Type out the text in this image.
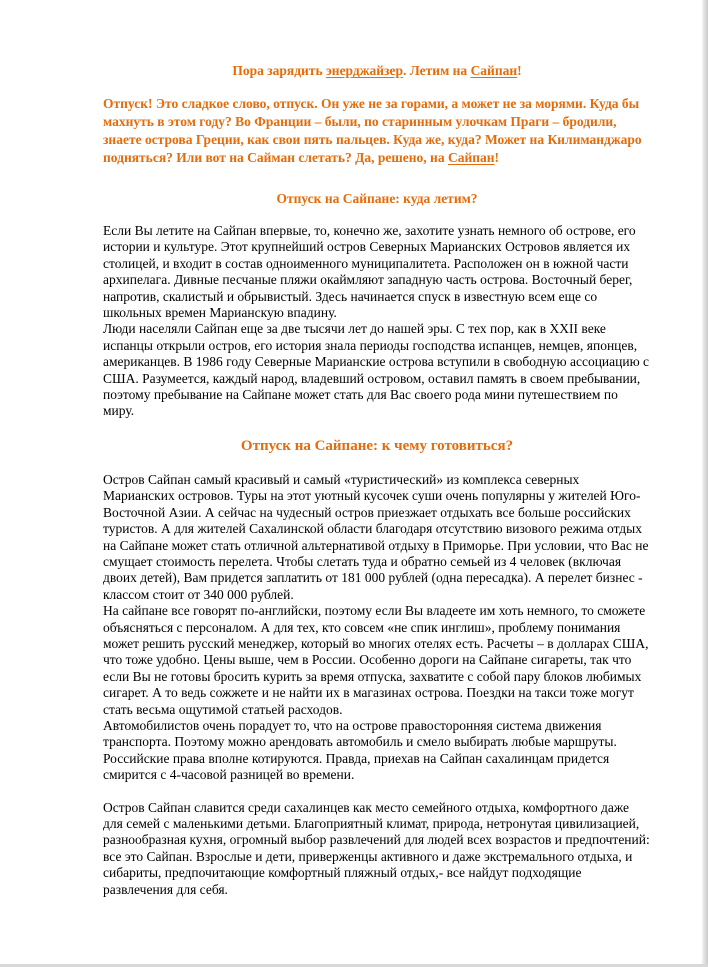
Пора зарядить энерджайзер. Летим на Сайпан!

Отпуск! Это сладкое слово, отпуск. Он уже не за горами, а может не за морями. Куда бы махнуть в этом году? Во Франции – были, по старинным улочкам Праги – бродили, знаете острова Греции, как свои пять пальцев. Куда же, куда? Может на Килиманджаро подняться? Или вот на Сайман слетать? Да, решено, на Сайпан!

Отпуск на Сайпане: куда летим?

Если Вы летите на Сайпан впервые, то, конечно же, захотите узнать немного об острове, его истории и культуре. Этот крупнейший остров Северных Марианских Островов является их столицей, и входит в состав одноименного муниципалитета. Расположен он в южной части архипелага. Дивные песчаные пляжи окаймляют западную часть острова. Восточный берег, напротив, скалистый и обрывистый. Здесь начинается спуск в известную всем еще со школьных времен Марианскую впадину.

Люди населяли Сайпан еще за две тысячи лет до нашей эры. С тех пор, как в XXII веке испанцы открыли остров, его история знала периоды господства испанцев, немцев, японцев, американцев. В 1986 году Северные Марианские острова вступили в свободную ассоциацию с США. Разумеется, каждый народ, владевший островом, оставил память в своем пребывании, поэтому пребывание на Сайпане может стать для Вас своего рода мини путешествием по миру.

Отпуск на Сайпане: к чему готовиться?

Остров Сайпан самый красивый и самый «туристический» из комплекса северных Марианских островов. Туры на этот уютный кусочек суши очень популярны у жителей Юго-Восточной Азии. А сейчас на чудесный остров приезжает отдыхать все больше российских туристов. А для жителей Сахалинской области благодаря отсутствию визового режима отдых на Сайпане может стать отличной альтернативой отдыху в Приморье. При условии, что Вас не смущает стоимость перелета. Чтобы слетать туда и обратно семьей из 4 человек (включая двоих детей), Вам придется заплатить от 181 000 рублей (одна пересадка). А перелет бизнес - классом стоит от 340 000 рублей.

На сайпане все говорят по-английски, поэтому если Вы владеете им хоть немного, то сможете объясняться с персоналом. А для тех, кто совсем «не спик инглиш», проблему понимания может решить русский менеджер, который во многих отелях есть. Расчеты – в долларах США, что тоже удобно. Цены выше, чем в России. Особенно дороги на Сайпане сигареты, так что если Вы не готовы бросить курить за время отпуска, захватите с собой пару блоков любимых сигарет. А то ведь сожжете и не найти их в магазинах острова. Поездки на такси тоже могут стать весьма ощутимой статьей расходов.

Автомобилистов очень порадует то, что на острове правосторонняя система движения транспорта. Поэтому можно арендовать автомобиль и смело выбирать любые маршруты. Российские права вполне котируются. Правда, приехав на Сайпан сахалинцам придется смирится с 4-часовой разницей во времени.

Остров Сайпан славится среди сахалинцев как место семейного отдыха, комфортного даже для семей с маленькими детьми. Благоприятный климат, природа, нетронутая цивилизацией, разнообразная кухня, огромный выбор развлечений для людей всех возрастов и предпочтений: все это Сайпан. Взрослые и дети, приверженцы активного и даже экстремального отдыха, и сибариты, предпочитающие комфортный пляжный отдых,- все найдут подходящие развлечения для себя.
